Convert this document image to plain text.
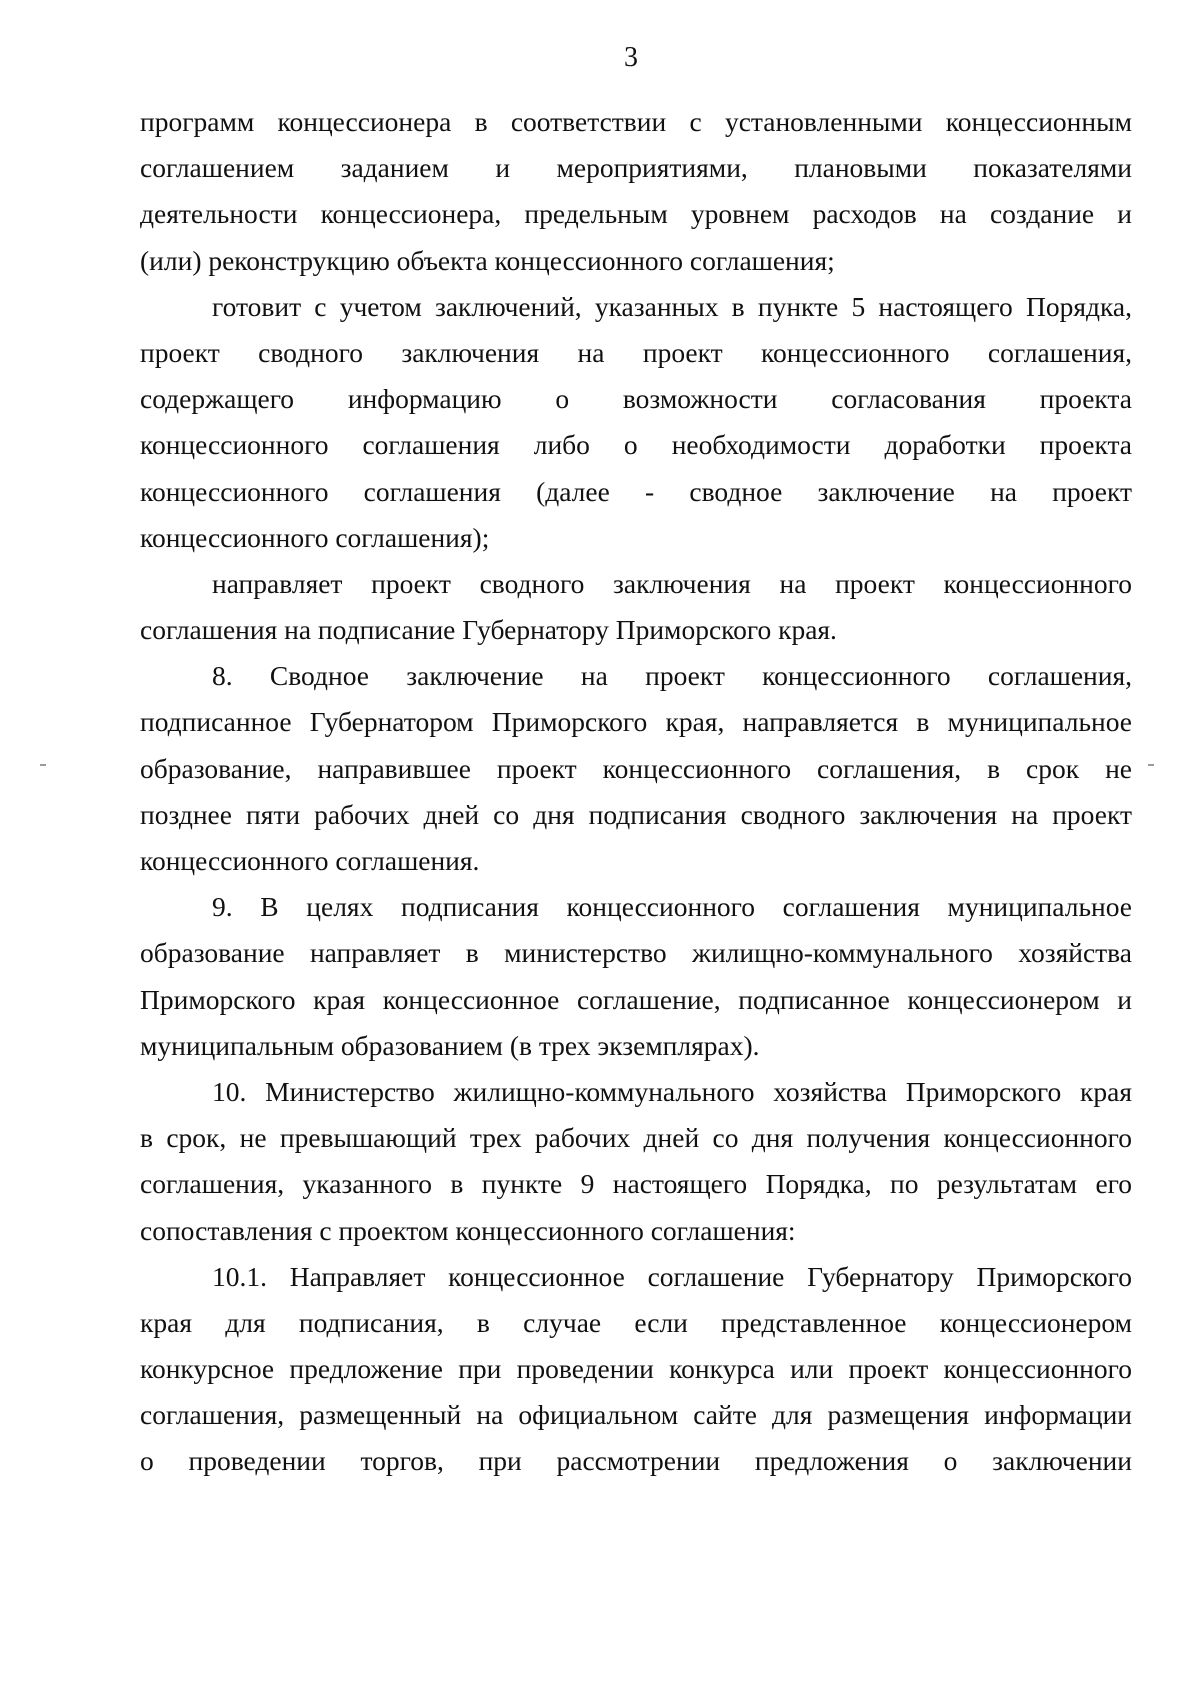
3
программ концессионера в соответствии с установленными концессионным
соглашением заданием и мероприятиями, плановыми показателями
деятельности концессионера, предельным уровнем расходов на создание и
(или) реконструкцию объекта концессионного соглашения;
готовит с учетом заключений, указанных в пункте 5 настоящего Порядка,
проект сводного заключения на проект концессионного соглашения,
содержащего информацию о возможности согласования проекта
концессионного соглашения либо о необходимости доработки проекта
концессионного соглашения (далее - сводное заключение на проект
концессионного соглашения);
направляет проект сводного заключения на проект концессионного
соглашения на подписание Губернатору Приморского края.
8. Сводное заключение на проект концессионного соглашения,
подписанное Губернатором Приморского края, направляется в муниципальное
образование, направившее проект концессионного соглашения, в срок не
позднее пяти рабочих дней со дня подписания сводного заключения на проект
концессионного соглашения.
9. В целях подписания концессионного соглашения муниципальное
образование направляет в министерство жилищно-коммунального хозяйства
Приморского края концессионное соглашение, подписанное концессионером и
муниципальным образованием (в трех экземплярах).
10. Министерство жилищно-коммунального хозяйства Приморского края
в срок, не превышающий трех рабочих дней со дня получения концессионного
соглашения, указанного в пункте 9 настоящего Порядка, по результатам его
сопоставления с проектом концессионного соглашения:
10.1. Направляет концессионное соглашение Губернатору Приморского
края для подписания, в случае если представленное концессионером
конкурсное предложение при проведении конкурса или проект концессионного
соглашения, размещенный на официальном сайте для размещения информации
о проведении торгов, при рассмотрении предложения о заключении
